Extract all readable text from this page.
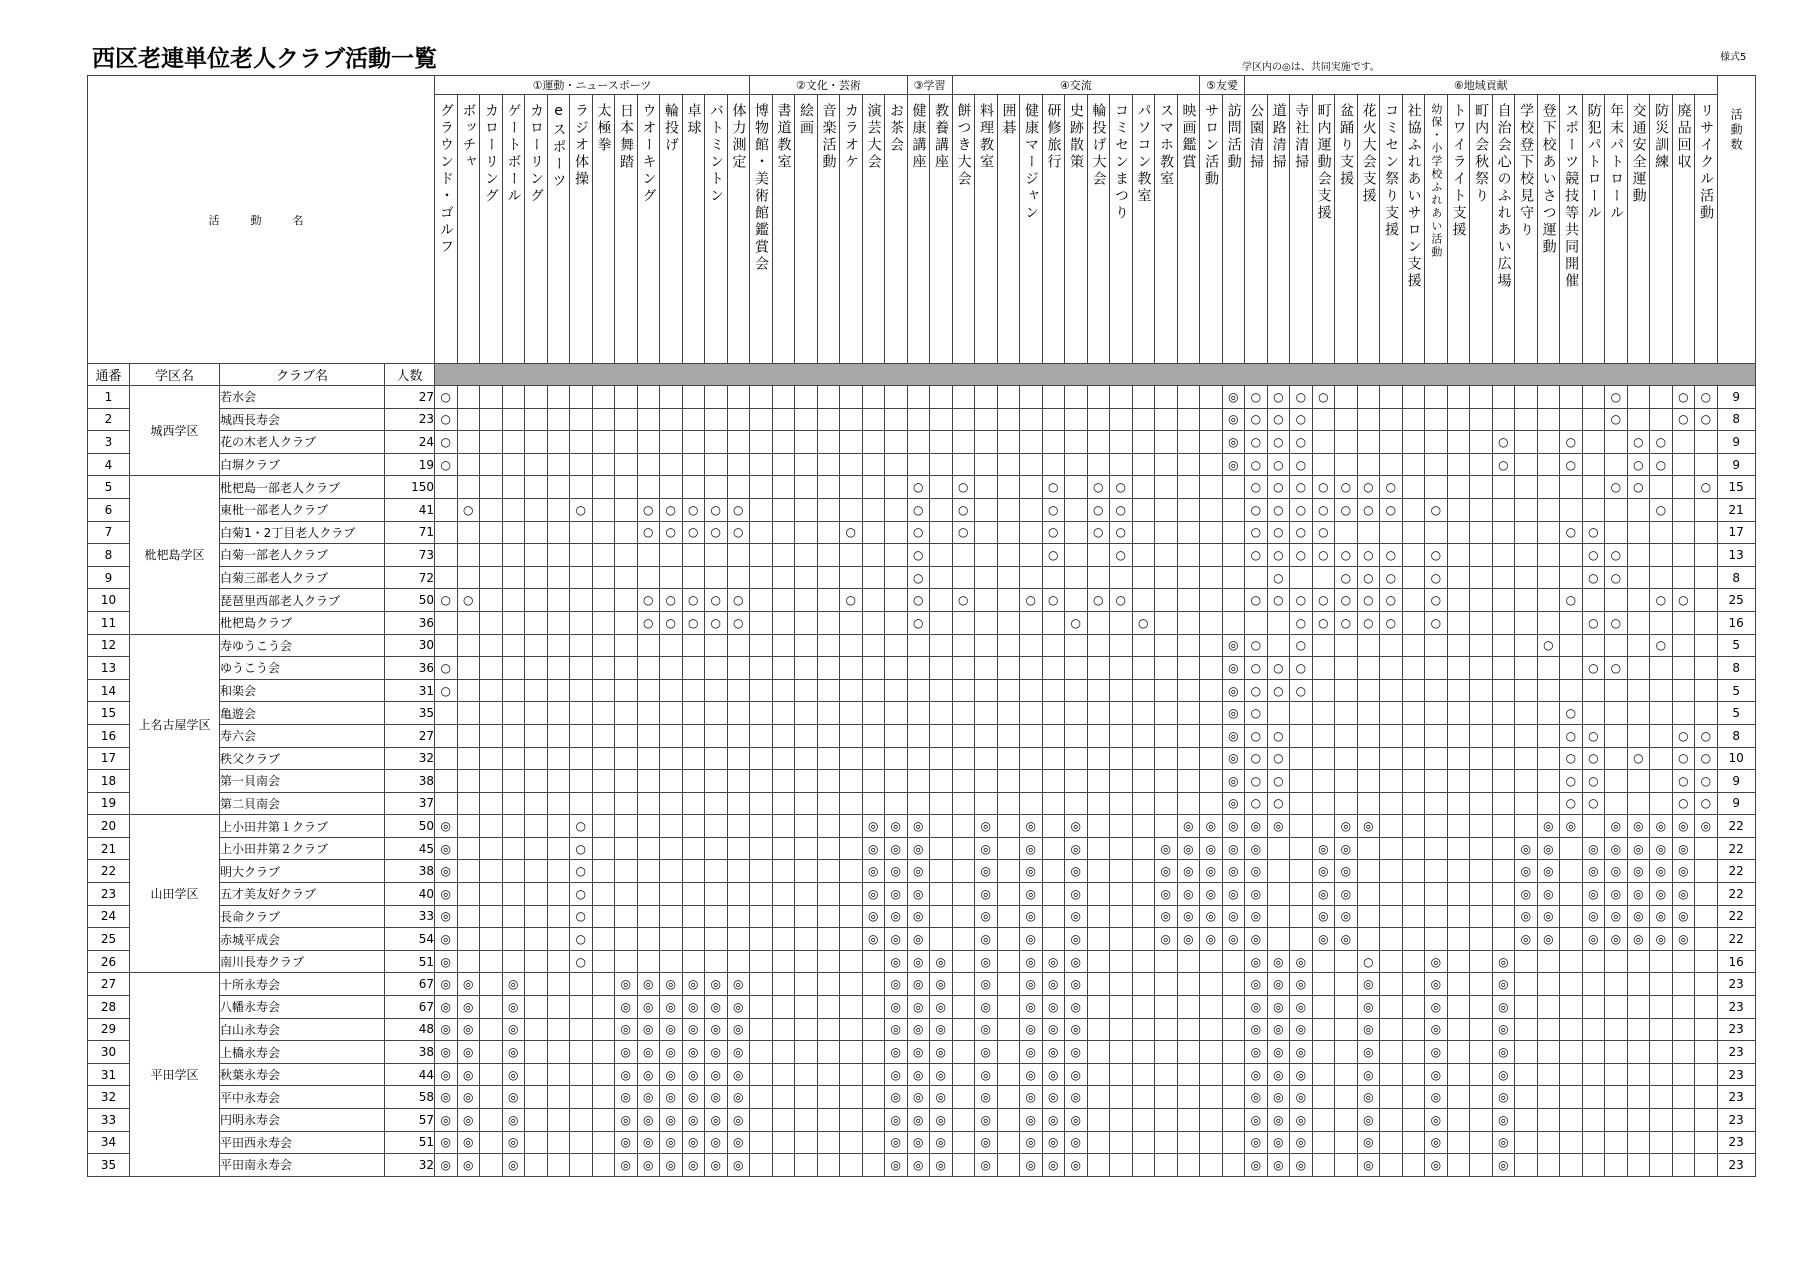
西区老連単位老人クラブ活動一覧	学区内の◎は、共同実施です。
様式5
活　動　名				①運動・ニュースポーツ														②文化・芸術							③学習		④交流											⑤友愛		⑥地域貢献																					活動数

				グラウンド・ゴルフ	ボッチャ	カローリング	ゲートボール	カローリング	eスポーツ	ラジオ体操	太極拳	日本舞踏	ウオーキング	輪投げ	卓球	バトミントン	体力測定	博物館・美術館鑑賞会	書道教室	絵画	音楽活動	カラオケ	演芸大会	お茶会	健康講座	教養講座	餅つき大会	料理教室	囲碁	健康マージャン	研修旅行	史跡散策	輪投げ大会	コミセンまつり	パソコン教室	スマホ教室	映画鑑賞	サロン活動	訪問活動	公園清掃	道路清掃	寺社清掃	町内運動会支援	盆踊り支援	花火大会支援	コミセン祭り支援	社協ふれあいサロン支援	幼保・小学校ふれあい活動	トワイライト支援	町内会秋祭り	自治会心のふれあい広場	学校登下校見守り	登下校あいさつ運動	スポーツ競技等共同開催	防犯パトロール	年末パトロール	交通安全運動	防災訓練	廃品回収	リサイクル活動	

通番	学区名	クラブ名	人数																																																										
1	城西学区	若水会	27	○																																			◎	○	○	○	○													○			○	○	9
2		城西長寿会	23	○																																			◎	○	○	○														○			○	○	8
3		花の木老人クラブ	24	○																																			◎	○	○	○									○			○			○	○			9
4		白塀クラブ	19	○																																			◎	○	○	○									○			○			○	○			9
5	枇杷島学区	枇杷島一部老人クラブ	150																						○		○				○		○	○						○	○	○	○	○	○	○										○	○			○	15
6		東枇一部老人クラブ	41		○					○			○	○	○	○	○								○		○				○		○	○						○	○	○	○	○	○	○		○										○			21
7		白菊1・2丁目老人クラブ	71										○	○	○	○	○					○			○		○				○		○	○						○	○	○	○											○	○						17
8		白菊一部老人クラブ	73																						○						○			○						○	○	○	○	○	○	○		○							○	○					13
9		白菊三部老人クラブ	72																						○																○			○	○	○		○							○	○					8
10		琵琶里西部老人クラブ	50	○	○								○	○	○	○	○					○			○		○			○	○		○	○						○	○	○	○	○	○	○		○						○				○	○		25
11		枇杷島クラブ	36										○	○	○	○	○								○							○			○							○	○	○	○	○		○							○	○					16
12	上名古屋学区	寿ゆうこう会	30																																				◎	○		○											○					○			5
13		ゆうこう会	36	○																																			◎	○	○	○													○	○					8
14		和楽会	31	○																																			◎	○	○	○																			5
15		亀遊会	35																																				◎	○														○							5
16		寿六会	27																																				◎	○	○													○	○				○	○	8
17		秩父クラブ	32																																				◎	○	○													○	○		○		○	○	10
18		第一貝南会	38																																				◎	○	○													○	○				○	○	9
19		第二貝南会	37																																				◎	○	○													○	○				○	○	9
20	山田学区	上小田井第１クラブ	50	◎						○													◎	◎	◎			◎		◎		◎					◎	◎	◎	◎	◎			◎	◎								◎	◎		◎	◎	◎	◎	◎	22
21		上小田井第２クラブ	45	◎						○													◎	◎	◎			◎		◎		◎				◎	◎	◎	◎	◎			◎	◎								◎	◎		◎	◎	◎	◎	◎		22
22		明大クラブ	38	◎						○													◎	◎	◎			◎		◎		◎				◎	◎	◎	◎	◎			◎	◎								◎	◎		◎	◎	◎	◎	◎		22
23		五才美友好クラブ	40	◎						○													◎	◎	◎			◎		◎		◎				◎	◎	◎	◎	◎			◎	◎								◎	◎		◎	◎	◎	◎	◎		22
24		長命クラブ	33	◎						○													◎	◎	◎			◎		◎		◎				◎	◎	◎	◎	◎			◎	◎								◎	◎		◎	◎	◎	◎	◎		22
25		赤城平成会	54	◎						○													◎	◎	◎			◎		◎		◎				◎	◎	◎	◎	◎			◎	◎								◎	◎		◎	◎	◎	◎	◎		22
26		南川長寿クラブ	51	◎						○														◎	◎	◎		◎		◎	◎	◎								◎	◎	◎			○			◎			◎										16
27	平田学区	十所永寿会	67	◎	◎		◎					◎	◎	◎	◎	◎	◎							◎	◎	◎		◎		◎	◎	◎								◎	◎	◎			◎			◎			◎										23
28		八幡永寿会	67	◎	◎		◎					◎	◎	◎	◎	◎	◎							◎	◎	◎		◎		◎	◎	◎								◎	◎	◎			◎			◎			◎										23
29		白山永寿会	48	◎	◎		◎					◎	◎	◎	◎	◎	◎							◎	◎	◎		◎		◎	◎	◎								◎	◎	◎			◎			◎			◎										23
30		上橋永寿会	38	◎	◎		◎					◎	◎	◎	◎	◎	◎							◎	◎	◎		◎		◎	◎	◎								◎	◎	◎			◎			◎			◎										23
31		秋葉永寿会	44	◎	◎		◎					◎	◎	◎	◎	◎	◎							◎	◎	◎		◎		◎	◎	◎								◎	◎	◎			◎			◎			◎										23
32		平中永寿会	58	◎	◎		◎					◎	◎	◎	◎	◎	◎							◎	◎	◎		◎		◎	◎	◎								◎	◎	◎			◎			◎			◎										23
33		円明永寿会	57	◎	◎		◎					◎	◎	◎	◎	◎	◎							◎	◎	◎		◎		◎	◎	◎								◎	◎	◎			◎			◎			◎										23
34		平田西永寿会	51	◎	◎		◎					◎	◎	◎	◎	◎	◎							◎	◎	◎		◎		◎	◎	◎								◎	◎	◎			◎			◎			◎										23
35		平田南永寿会	32	◎	◎		◎					◎	◎	◎	◎	◎	◎							◎	◎	◎		◎		◎	◎	◎								◎	◎	◎			◎			◎			◎										23
